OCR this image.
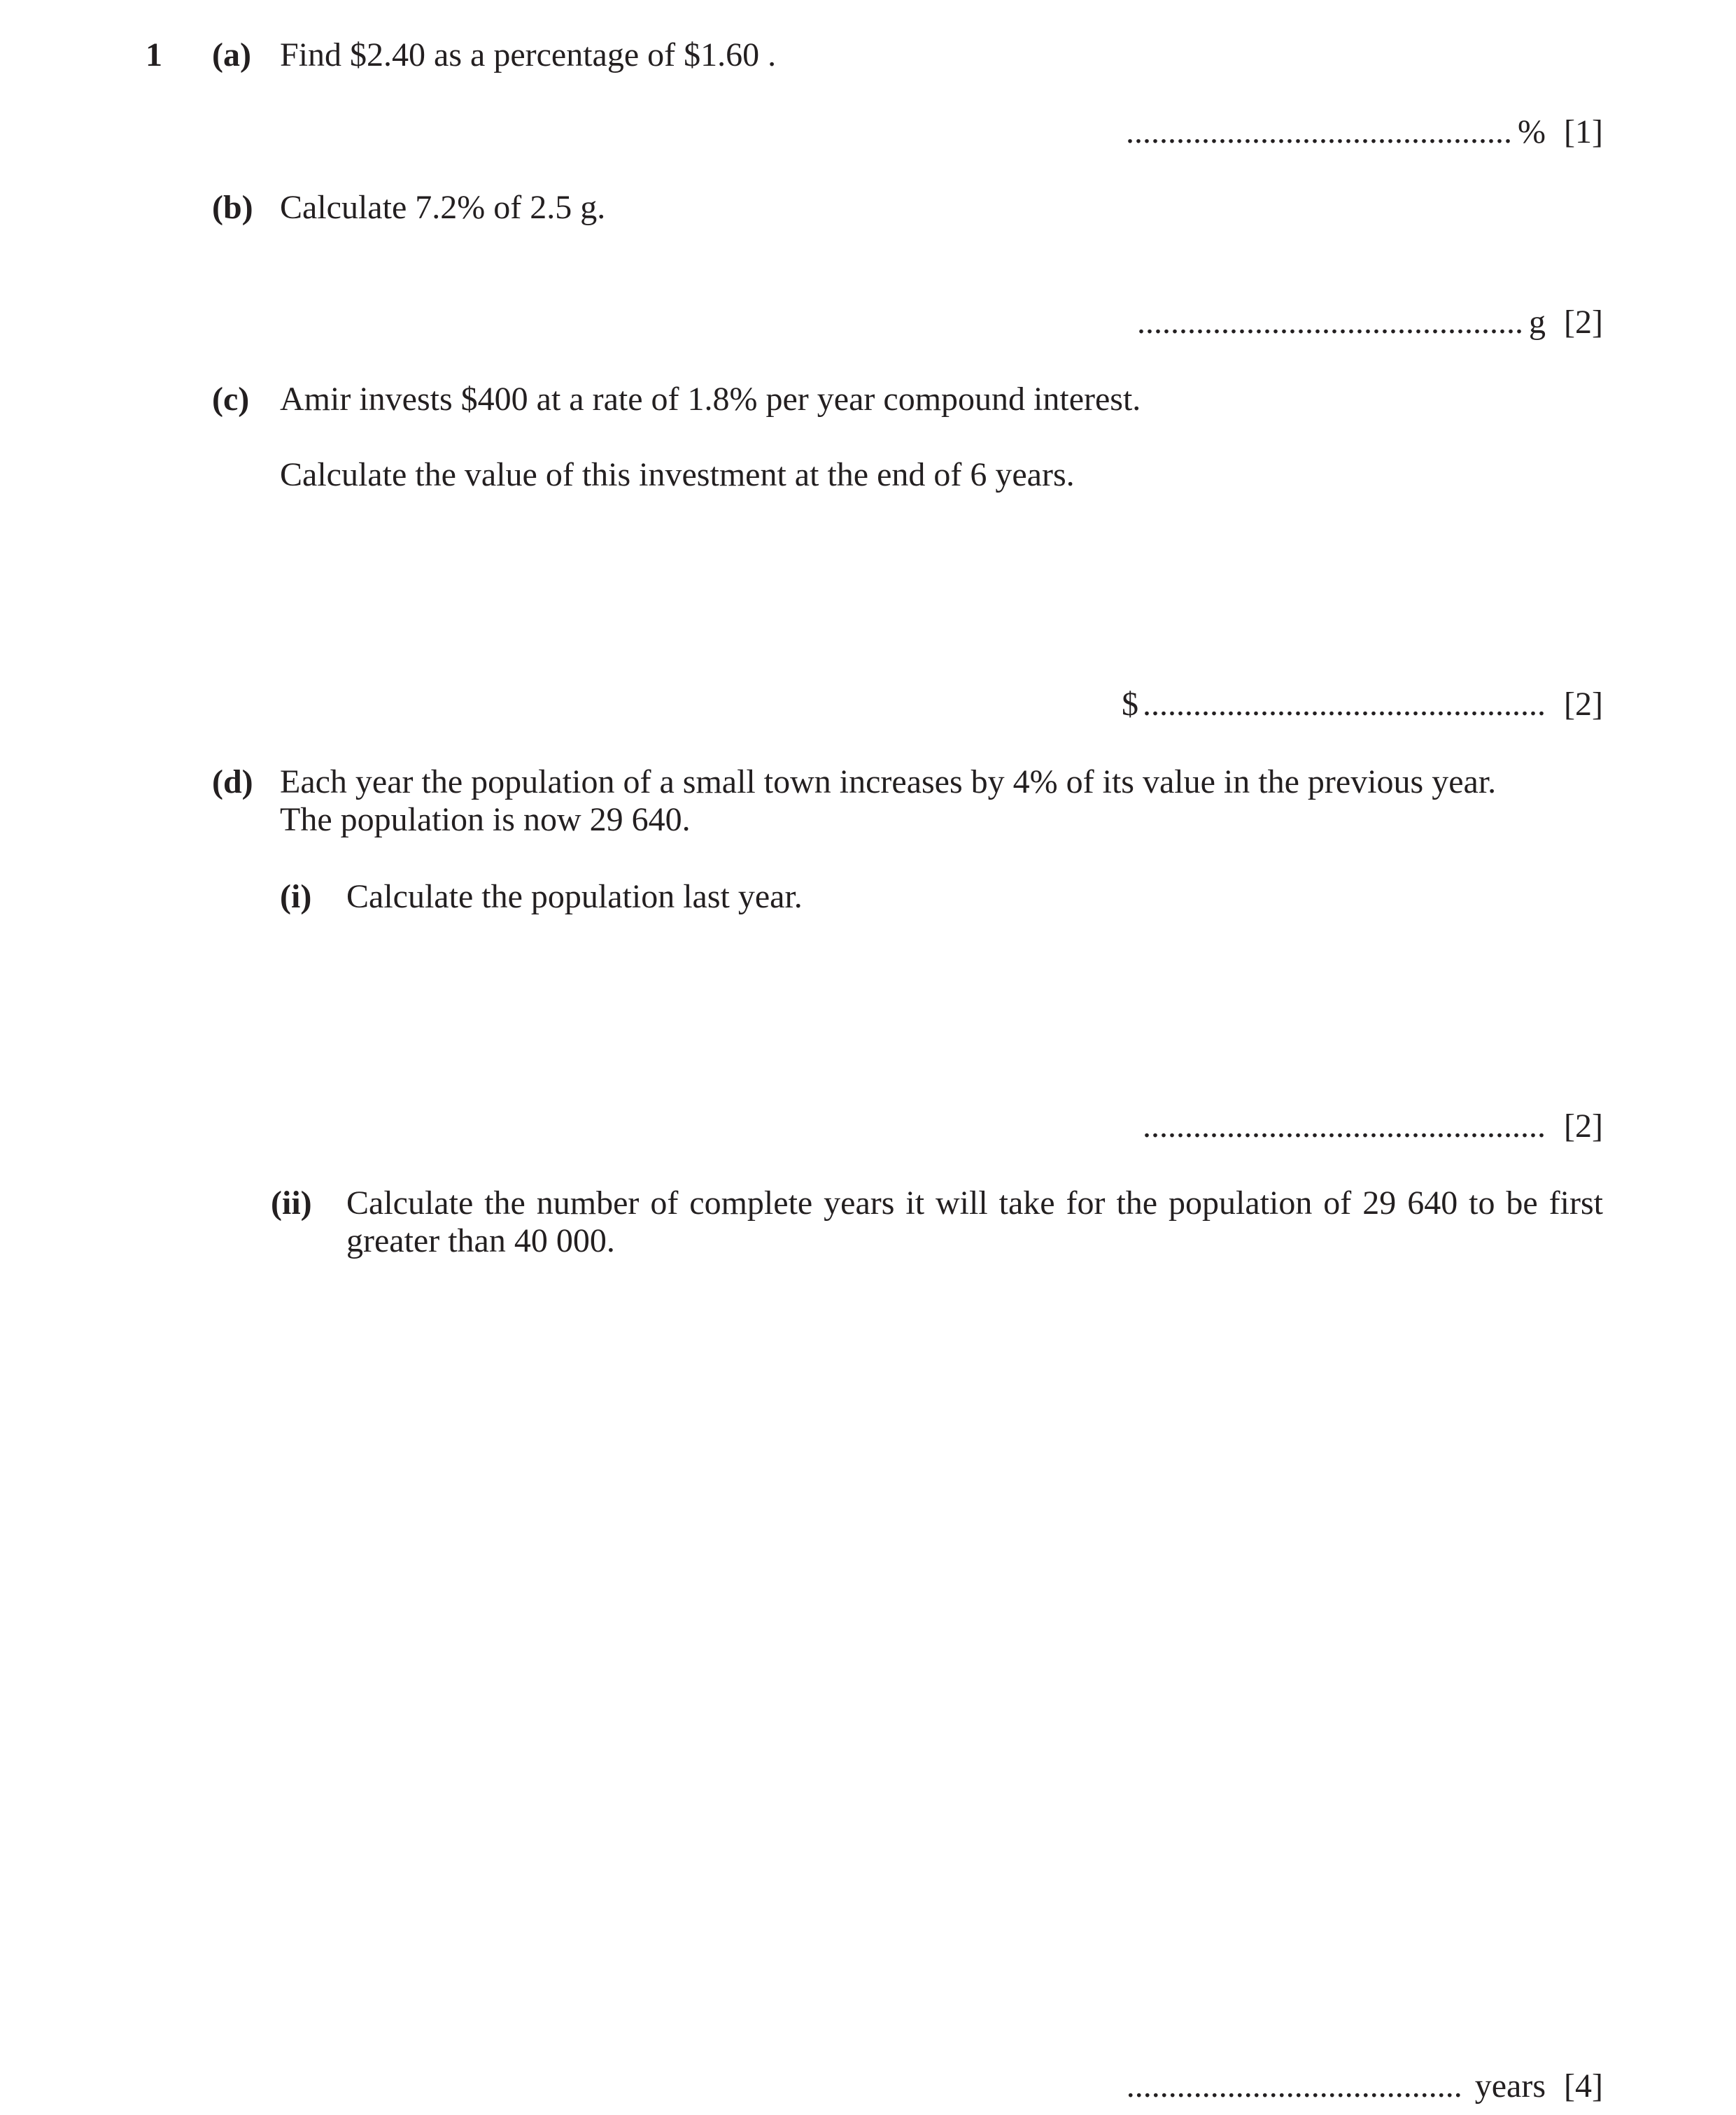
1 (a) Find $2.40 as a percentage of $1.60 .
.............................................. % [1]
(b) Calculate 7.2% of 2.5 g.
.............................................. g [2]
(c) Amir invests $400 at a rate of 1.8% per year compound interest.
Calculate the value of this investment at the end of 6 years.
$ ................................................ [2]
(d) Each year the population of a small town increases by 4% of its value in the previous year.
The population is now 29 640.
(i) Calculate the population last year.
................................................ [2]
(ii) Calculate the number of complete years it will take for the population of 29 640 to be first
greater than 40 000.
........................................ years [4]
